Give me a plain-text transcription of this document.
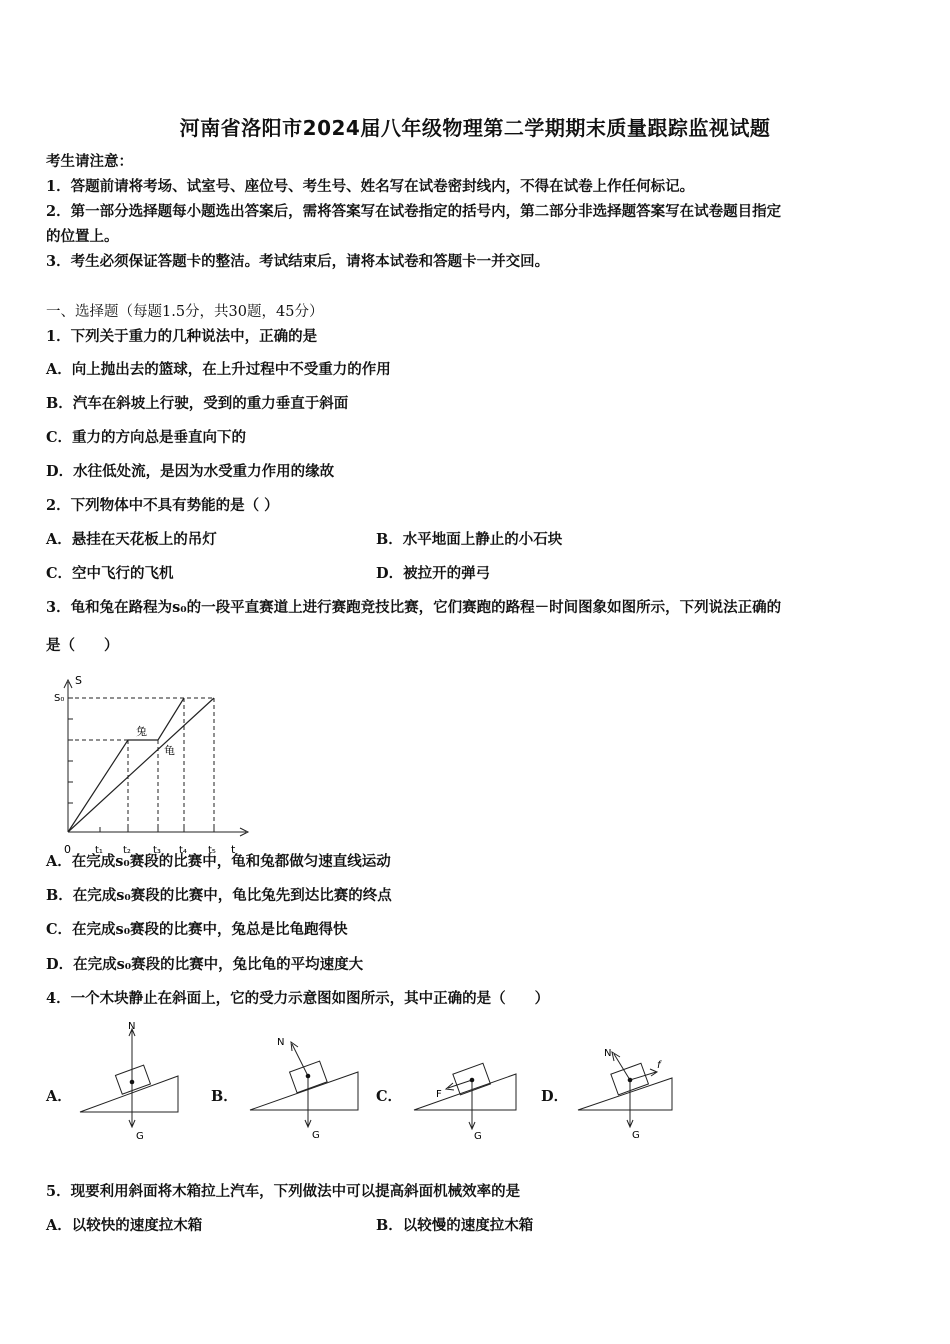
河南省洛阳市2024届八年级物理第二学期期末质量跟踪监视试题
考生请注意：
1．答题前请将考场、试室号、座位号、考生号、姓名写在试卷密封线内，不得在试卷上作任何标记。
2．第一部分选择题每小题选出答案后，需将答案写在试卷指定的括号内，第二部分非选择题答案写在试卷题目指定
的位置上。
3．考生必须保证答题卡的整洁。考试结束后，请将本试卷和答题卡一并交回。
一、选择题（每题1.5分，共30题，45分）
1．下列关于重力的几种说法中，正确的是
A．向上抛出去的篮球，在上升过程中不受重力的作用
B．汽车在斜坡上行驶，受到的重力垂直于斜面
C．重力的方向总是垂直向下的
D．水往低处流，是因为水受重力作用的缘故
2．下列物体中不具有势能的是（ ）
A．悬挂在天花板上的吊灯	B．水平地面上静止的小石块
C．空中飞行的飞机	D．被拉开的弹弓
3．龟和兔在路程为s₀的一段平直赛道上进行赛跑竞技比赛，它们赛跑的路程－时间图象如图所示，下列说法正确的
是（　　）
S₀
S
兔
龟
0 t₁ t₂ t₃ t₄ t₅ t
A．在完成s₀赛段的比赛中，龟和兔都做匀速直线运动
B．在完成s₀赛段的比赛中，龟比兔先到达比赛的终点
C．在完成s₀赛段的比赛中，兔总是比龟跑得快
D．在完成s₀赛段的比赛中，兔比龟的平均速度大
4．一个木块静止在斜面上，它的受力示意图如图所示，其中正确的是（　　）
A．	B．	C．	D．
N
G
N
G
F
G
N
f
G
5．现要利用斜面将木箱拉上汽车，下列做法中可以提高斜面机械效率的是
A．以较快的速度拉木箱	B．以较慢的速度拉木箱
